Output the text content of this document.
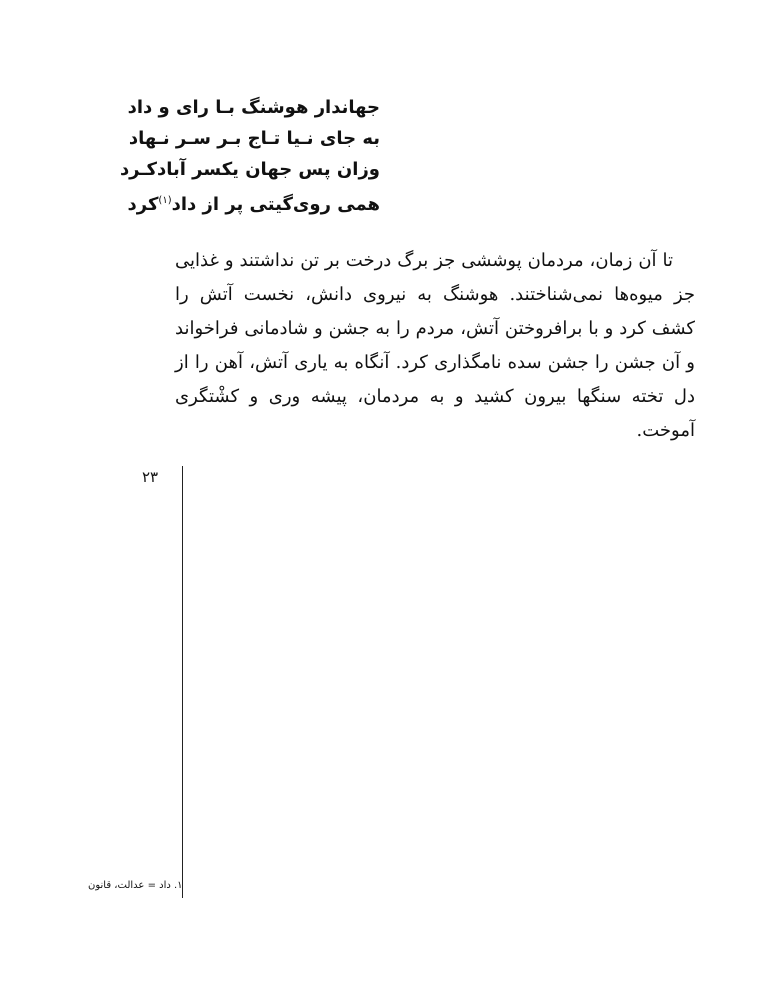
جهاندار هوشنگ بـا رای و داد

به جای نـیا تـاج بـر سـر نـهاد

وزان پس جهان یکسر آبادکـرد

همی روی‌گیتی پر از داد$^{(۱)}$کرد

تا آن زمان، مردمان پوششی جز برگ درخت بر تن نداشتند و غذایی جز میوه‌ها نمی‌شناختند. هوشنگ به نیروی دانش، نخست آتش را کشف کرد و با برافروختن آتش، مردم را به جشن و شادمانی فراخواند و آن جشن را جشن سده نامگذاری کرد. آنگاه به یاری آتش، آهن را از دل تخته سنگها بیرون کشید و به مردمان، پیشه وری و کشْتگری آموخت.

۲۳
۱. داد = عدالت، قانون
